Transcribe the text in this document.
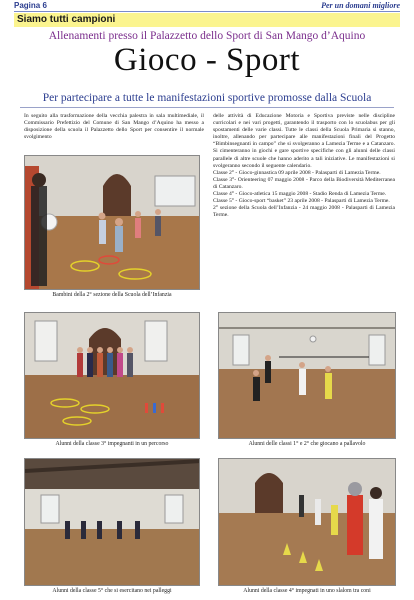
Pagina 6	Per un domani migliore
Siamo tutti campioni
Allenamenti presso il Palazzetto dello Sport di San Mango d’Aquino
Gioco - Sport
Per partecipare a tutte le manifestazioni sportive promosse dalla Scuola
In seguito alla trasformazione della vecchia palestra in sala multimediale, il Commissario Prefettizio del Comune di San Mango d’Aquino ha messo a disposizione della scuola il Palazzetto dello Sport per consentire il normale svolgimento

delle attività di Educazione Motoria e Sportiva previste nelle discipline curricolari e nei vari progetti, garantendo il trasporto con lo scuolabus per gli spostamenti delle varie classi. Tutte le classi della Scuola Primaria si stanno, inoltre, allenando per partecipare alle manifestazioni finali del Progetto “Bimbinsegnanti in campo” che si svolgeranno a Lamezia Terme e a Catanzaro. Si cimenteranno in giochi e gare sportive specifiche con gli alunni delle classi parallele di altre scuole che hanno aderito a tali iniziative. Le manifestazioni si svolgeranno secondo il seguente calendario.

Classe 2° - Gioco-ginnastica 09 aprile 2008 - Palasparti di Lamezia Terme.

Classe 3°- Orienteering 07 maggio 2008 - Parco della Biodiversità Mediterranea di Catanzaro.

Classe 4° - Gioco-atletica 15 maggio 2008 - Stadio Renda di Lamezia Terme.

Classe 5° - Gioco-sport “basket” 23 aprile 2008 - Palasparti di Lamezia Terme.

2° sezione della Scuola dell’Infanzia - 24 maggio 2008 - Palasparti di Lamezia Terme.

Bambini della 2° sezione della Scuola dell’Infanzia
Alunni della classe 3° impegnanti in un percorso	Alunni delle classi 1° e 2° che giocano a pallavolo
Alunni della classe 5° che si esercitano nei palleggi	Alunni della classe 4° impegnati in uno slalom tra coni
